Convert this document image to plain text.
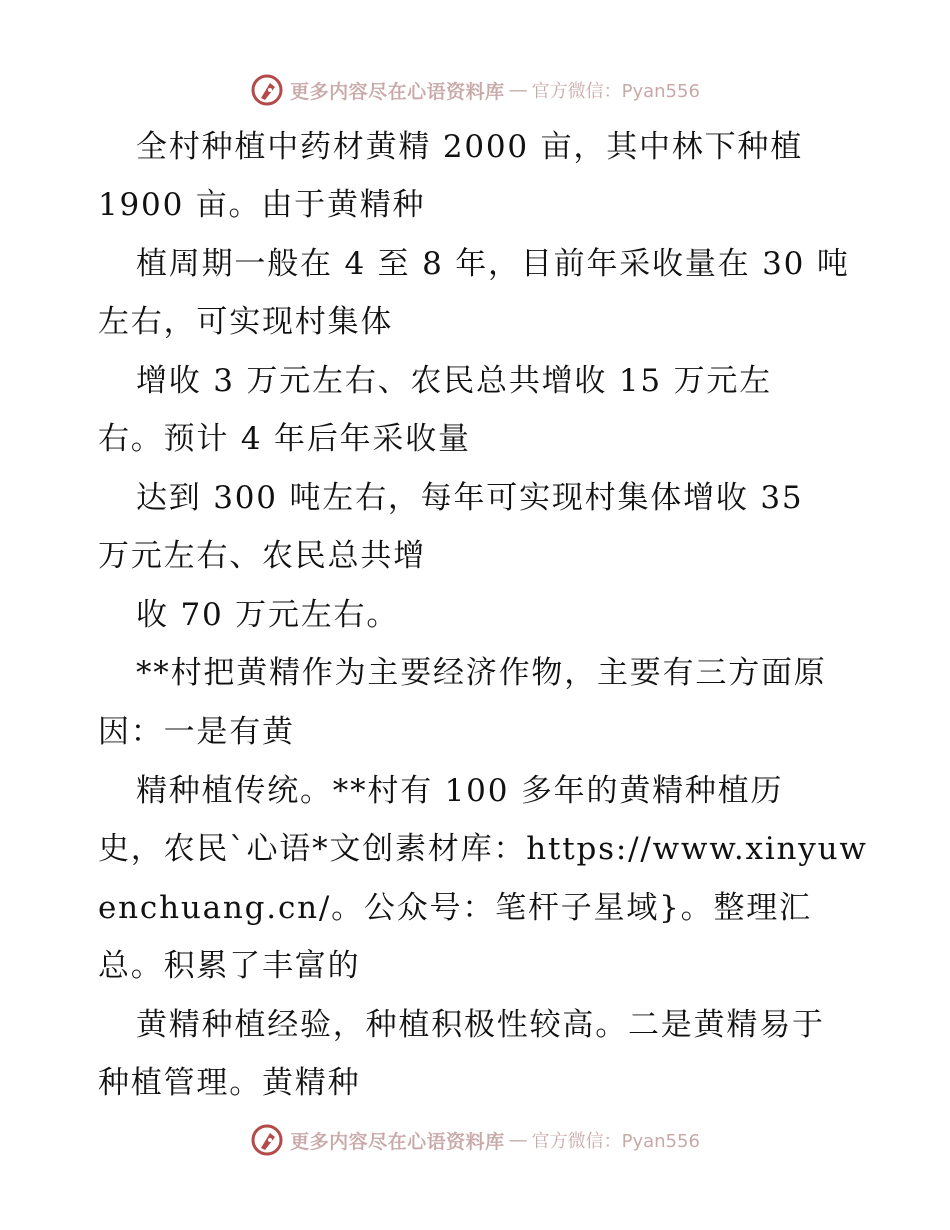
更多内容尽在心语资料库 — 官方微信：Pyan556
全村种植中药材黄精 2000 亩，其中林下种植
1900 亩。由于黄精种
植周期一般在 4 至 8 年，目前年采收量在 30 吨
左右，可实现村集体
增收 3 万元左右、农民总共增收 15 万元左
右。预计 4 年后年采收量
达到 300 吨左右，每年可实现村集体增收 35
万元左右、农民总共增
收 70 万元左右。
**村把黄精作为主要经济作物，主要有三方面原
因：一是有黄
精种植传统。**村有 100 多年的黄精种植历
史，农民`心语*文创素材库：https://www.xinyuw
enchuang.cn/。公众号：笔杆子星域}。整理汇
总。积累了丰富的
黄精种植经验，种植积极性较高。二是黄精易于
种植管理。黄精种
更多内容尽在心语资料库 — 官方微信：Pyan556
